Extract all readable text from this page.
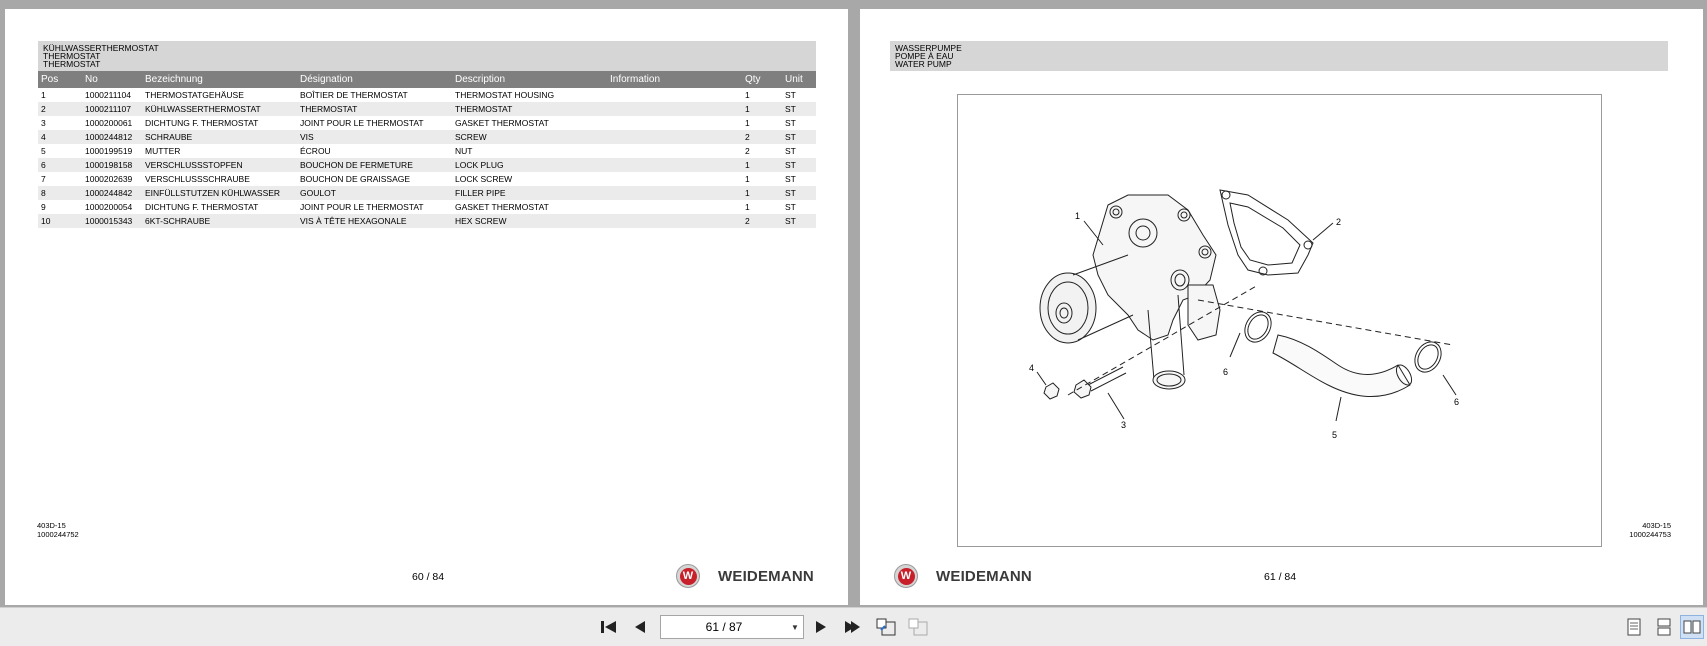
KÜHLWASSERTHERMOSTAT
THERMOSTAT
THERMOSTAT
Pos	No	Bezeichnung	Désignation	Description	Information	Qty	Unit
1	1000211104	THERMOSTATGEHÄUSE	BOÎTIER DE THERMOSTAT	THERMOSTAT HOUSING		1	ST
2	1000211107	KÜHLWASSERTHERMOSTAT	THERMOSTAT	THERMOSTAT		1	ST
3	1000200061	DICHTUNG F. THERMOSTAT	JOINT POUR LE THERMOSTAT	GASKET THERMOSTAT		1	ST
4	1000244812	SCHRAUBE	VIS	SCREW		2	ST
5	1000199519	MUTTER	ÉCROU	NUT		2	ST
6	1000198158	VERSCHLUSSSTOPFEN	BOUCHON DE FERMETURE	LOCK PLUG		1	ST
7	1000202639	VERSCHLUSSSCHRAUBE	BOUCHON DE GRAISSAGE	LOCK SCREW		1	ST
8	1000244842	EINFÜLLSTUTZEN KÜHLWASSER	GOULOT	FILLER PIPE		1	ST
9	1000200054	DICHTUNG F. THERMOSTAT	JOINT POUR LE THERMOSTAT	GASKET THERMOSTAT		1	ST
10	1000015343	6KT-SCHRAUBE	VIS À TÊTE HEXAGONALE	HEX SCREW		2	ST
403D-15
1000244752
60 / 84	W WEIDEMANN
WASSERPUMPE
POMPE À EAU
WATER PUMP
1
2
3
4
5
6
6
W WEIDEMANN	61 / 84
403D-15
1000244753
61 / 87	▼
